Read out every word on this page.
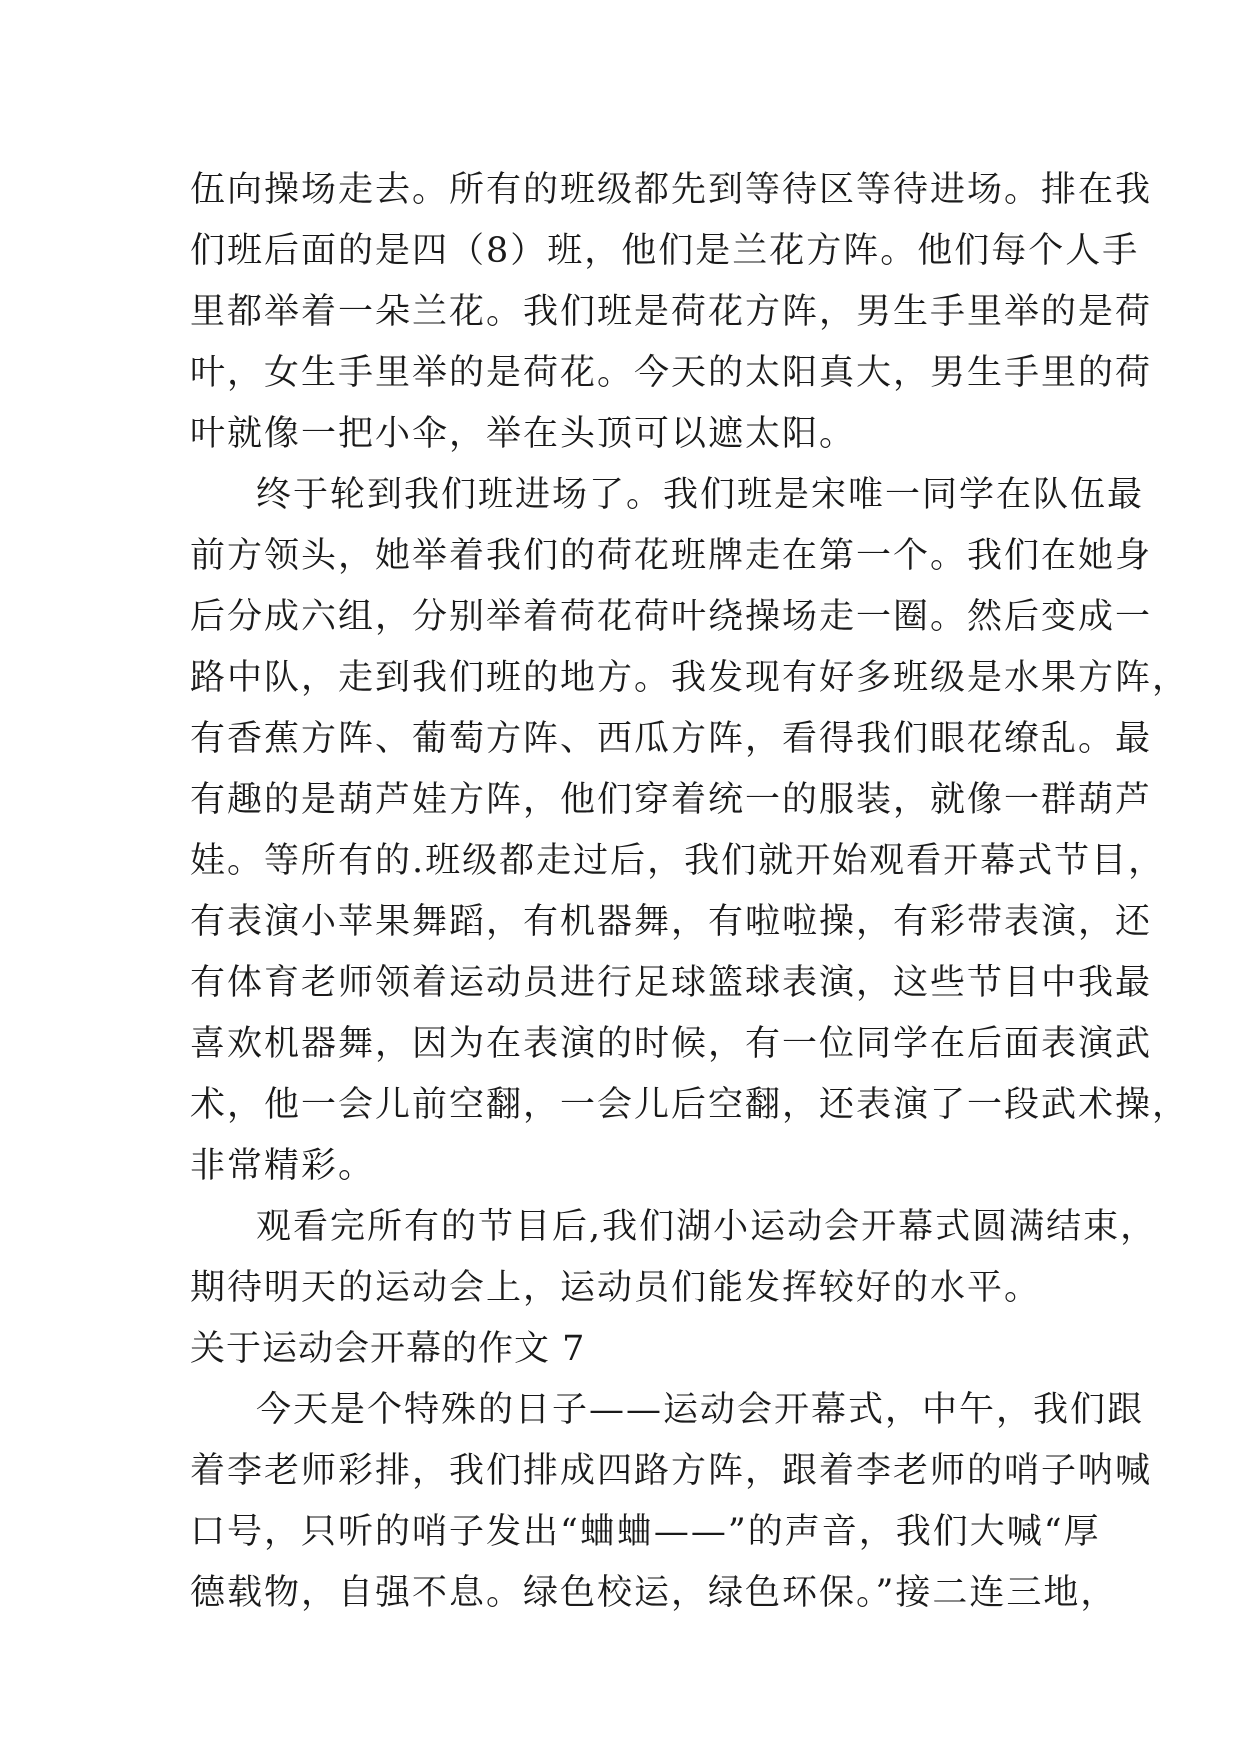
伍向操场走去。所有的班级都先到等待区等待进场。排在我
们班后面的是四（8）班，他们是兰花方阵。他们每个人手
里都举着一朵兰花。我们班是荷花方阵，男生手里举的是荷
叶，女生手里举的是荷花。今天的太阳真大，男生手里的荷
叶就像一把小伞，举在头顶可以遮太阳。
终于轮到我们班进场了。我们班是宋唯一同学在队伍最
前方领头，她举着我们的荷花班牌走在第一个。我们在她身
后分成六组，分别举着荷花荷叶绕操场走一圈。然后变成一
路中队，走到我们班的地方。我发现有好多班级是水果方阵，
有香蕉方阵、葡萄方阵、西瓜方阵，看得我们眼花缭乱。最
有趣的是葫芦娃方阵，他们穿着统一的服装，就像一群葫芦
娃。等所有的.班级都走过后，我们就开始观看开幕式节目，
有表演小苹果舞蹈，有机器舞，有啦啦操，有彩带表演，还
有体育老师领着运动员进行足球篮球表演，这些节目中我最
喜欢机器舞，因为在表演的时候，有一位同学在后面表演武
术，他一会儿前空翻，一会儿后空翻，还表演了一段武术操，
非常精彩。
观看完所有的节目后,我们湖小运动会开幕式圆满结束，
期待明天的运动会上，运动员们能发挥较好的水平。
关于运动会开幕的作文 7
今天是个特殊的日子——运动会开幕式，中午，我们跟
着李老师彩排，我们排成四路方阵，跟着李老师的哨子呐喊
口号，只听的哨子发出“蛐蛐——”的声音，我们大喊“厚
德载物，自强不息。绿色校运，绿色环保。”接二连三地，
